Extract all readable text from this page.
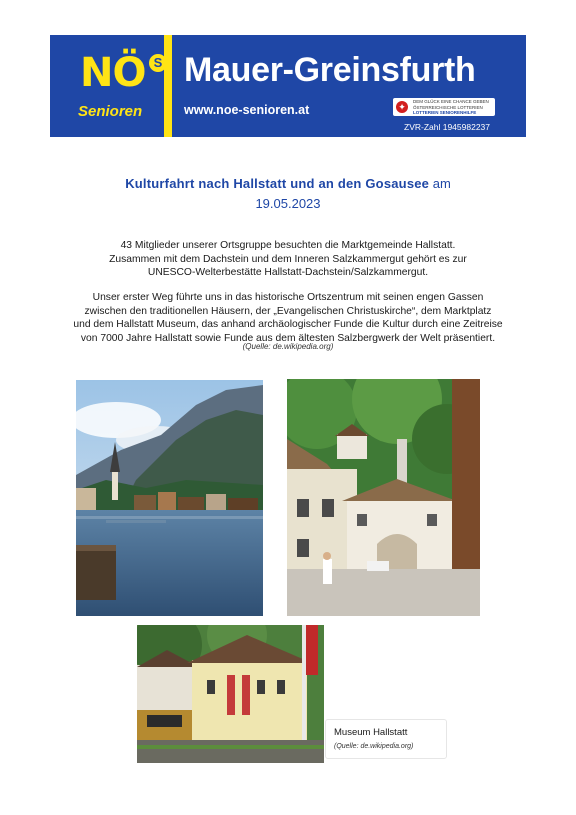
NÖ S
Senioren
Mauer-Greinsfurth
www.noe-senioren.at	✦
DEM GLÜCK EINE CHANCE GEBEN
ÖSTERREICHISCHE LOTTERIEN
LOTTERIEN SENIORENHILFE
ZVR-Zahl 1945982237
Kulturfahrt nach Hallstatt und an den Gosausee am
19.05.2023
43 Mitglieder unserer Ortsgruppe besuchten die Marktgemeinde Hallstatt.
Zusammen mit dem Dachstein und dem Inneren Salzkammergut gehört es zur
UNESCO-Welterbestätte Hallstatt-Dachstein/Salzkammergut.
Unser erster Weg führte uns in das historische Ortszentrum mit seinen engen Gassen
zwischen den traditionellen Häusern, der „Evangelischen Christuskirche“, dem Marktplatz
und dem Hallstatt Museum, das anhand archäologischer Funde die Kultur durch eine Zeitreise
von 7000 Jahre Hallstatt sowie Funde aus dem ältesten Salzbergwerk der Welt präsentiert.
(Quelle: de.wikipedia.org)
Museum Hallstatt
(Quelle: de.wikipedia.org)
